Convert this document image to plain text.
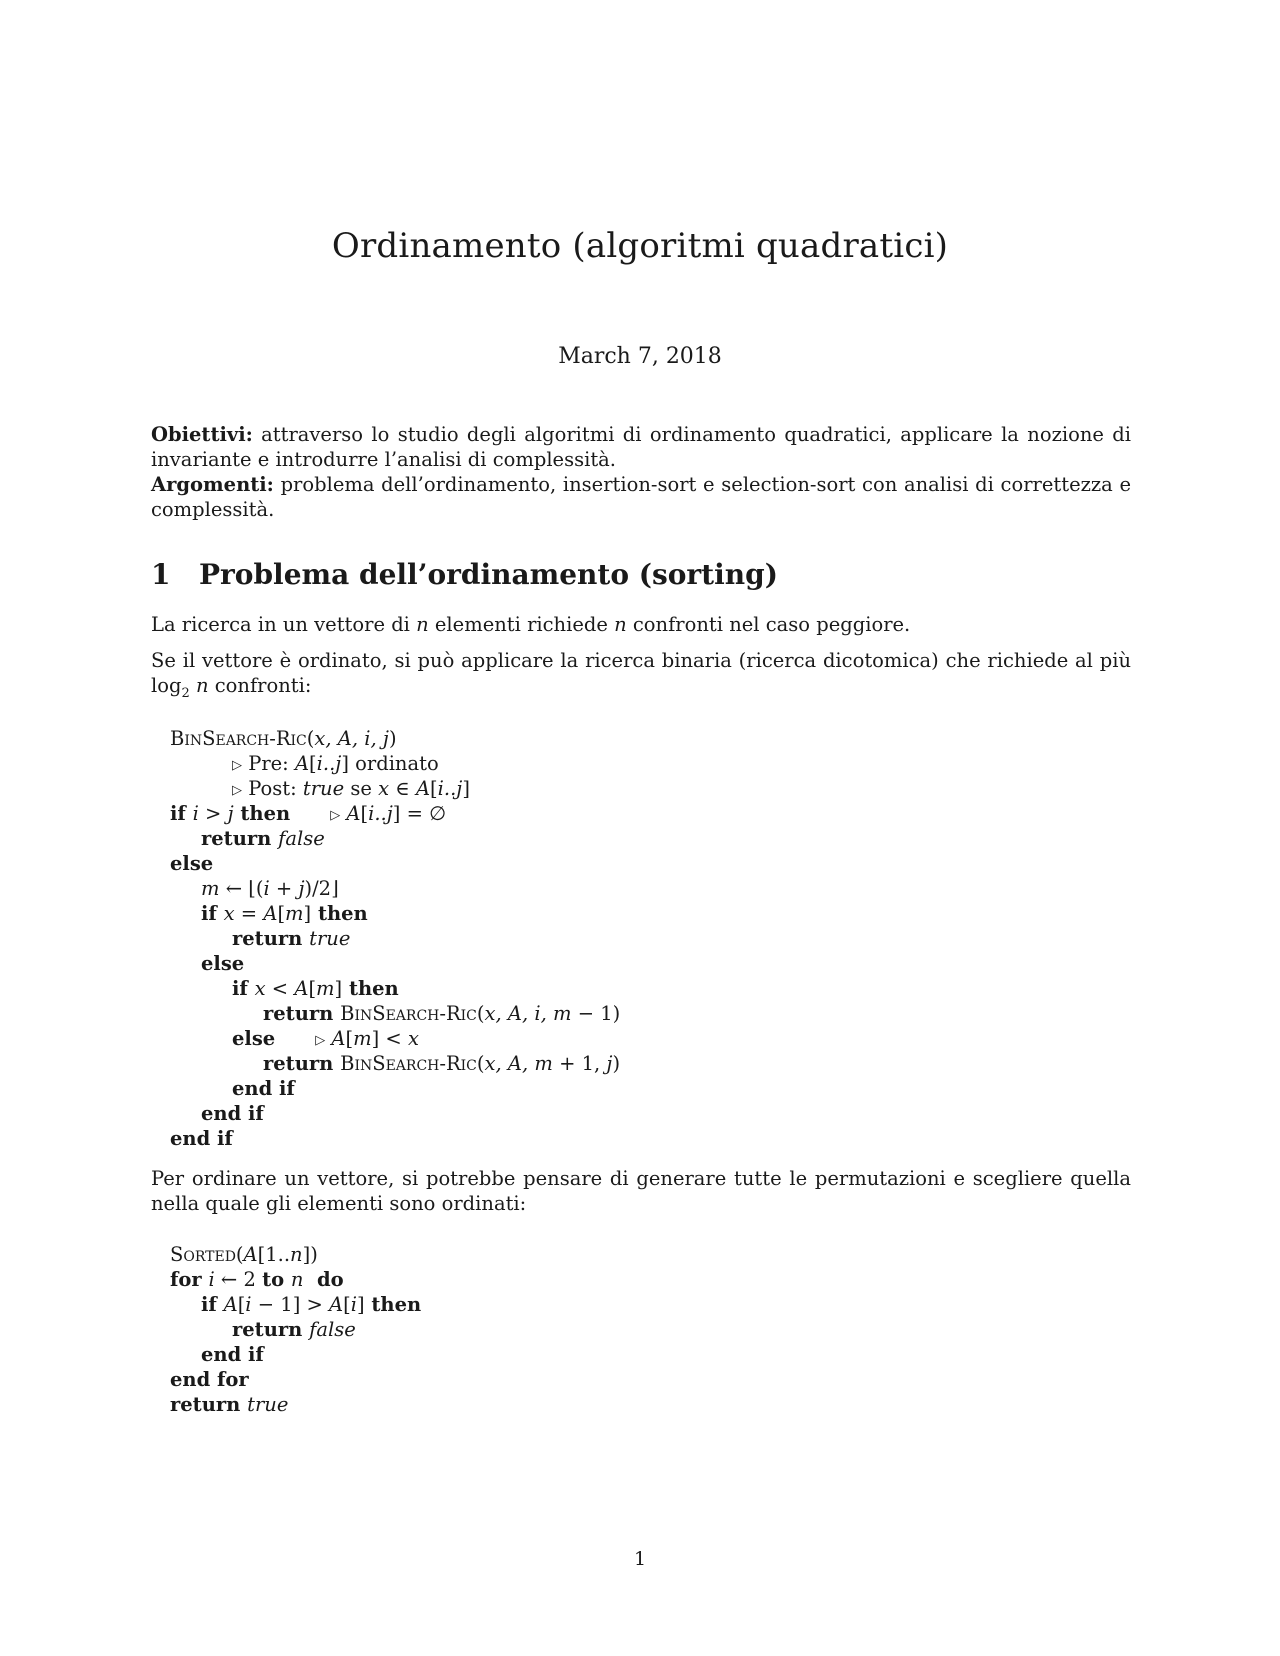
Ordinamento (algoritmi quadratici)
March 7, 2018

Obiettivi: attraverso lo studio degli algoritmi di ordinamento quadratici, applicare la nozione di invariante e introdurre l’analisi di complessità.

Argomenti: problema dell’ordinamento, insertion-sort e selection-sort con analisi di correttezza e complessità.

1 Problema dell’ordinamento (sorting)

La ricerca in un vettore di n elementi richiede n confronti nel caso peggiore.

Se il vettore è ordinato, si può applicare la ricerca binaria (ricerca dicotomica) che richiede al più $\log_2 n$ confronti:

BinSearch-Ric(x, A, i, j)
▷ Pre: A[i..j] ordinato
▷ Post: true se x ∈ A[i..j]
if i > j then	▷ A[i..j] = ∅
return false
else
m ← ⌊(i + j)/2⌋
if x = A[m] then
return true
else
if x < A[m] then
return BinSearch-Ric(x, A, i, m − 1)
else	▷ A[m] < x
return BinSearch-Ric(x, A, m + 1, j)
end if
end if
end if

Per ordinare un vettore, si potrebbe pensare di generare tutte le permutazioni e scegliere quella nella quale gli elementi sono ordinati:

Sorted(A[1..n])
for i ← 2 to n  do
if A[i − 1] > A[i] then
return false
end if
end for
return true
1
